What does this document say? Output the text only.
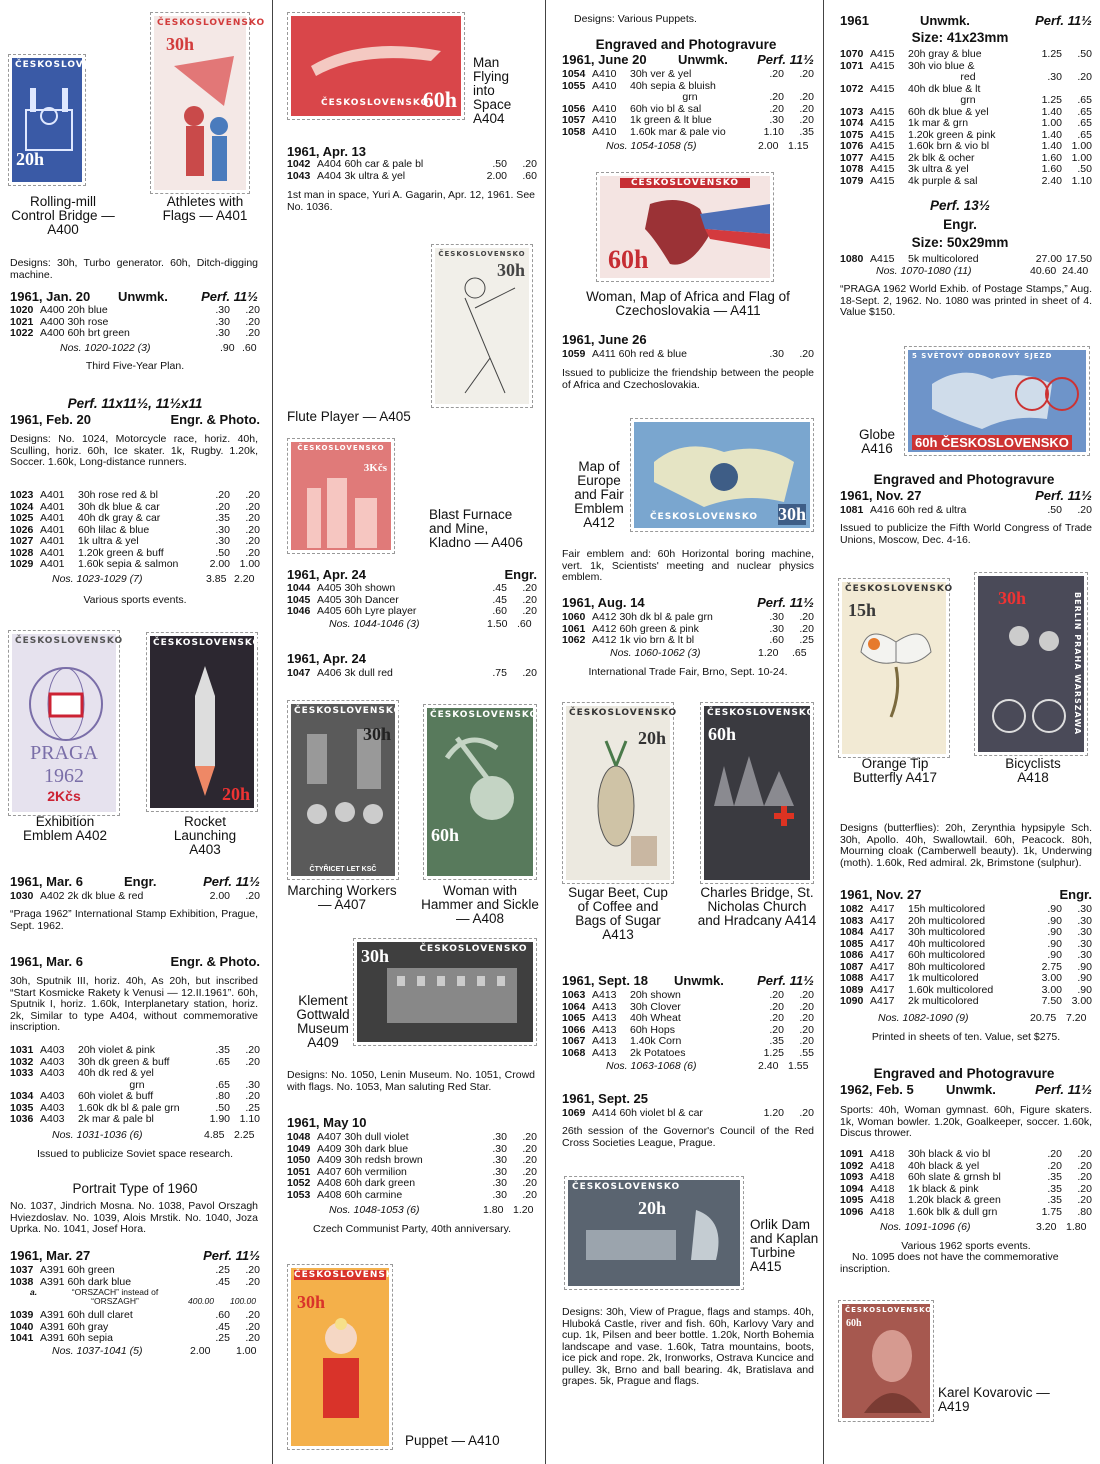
ČESKOSLOVENSKO
20h
ČESKOSLOVENSKO
30h
Rolling-mill Control Bridge — A400
Athletes with Flags — A401
Designs: 30h, Turbo generator. 60h, Ditch-digging machine.
1961, Jan. 20 Unwmk.	Perf. 11½
1020	A400 20h blue	.30	.20
1021	A400 30h rose	.30	.20
1022	A400 60h brt green	.30	.20
Nos. 1020-1022 (3)	.90 .60
Third Five-Year Plan.
Perf. 11x11½, 11½x11
1961, Feb. 20	Engr. & Photo.
Designs: No. 1024, Motorcycle race, horiz. 40h, Sculling, horiz. 60h, Ice skater. 1k, Rugby. 1.20k, Soccer. 1.60k, Long-distance runners.
1023	A401	30h rose red & bl	.20	.20
1024	A401	30h dk blue & car	.20	.20
1025	A401	40h dk gray & car	.35	.20
1026	A401	60h lilac & blue	.30	.20
1027	A401	1k ultra & yel	.30	.20
1028	A401	1.20k green & buff	.50	.20
1029	A401	1.60k sepia & salmon	2.00	1.00
Nos. 1023-1029 (7)	3.85 2.20
Various sports events.
ČESKOSLOVENSKO
PRAGA 1962
2Kčs
ČESKOSLOVENSKO
20h
Exhibition Emblem A402
Rocket Launching A403
1961, Mar. 6	Engr.	Perf. 11½
1030	A402 2k dk blue & red	2.00	.20
“Praga 1962” International Stamp Exhibition, Prague, Sept. 1962.
1961, Mar. 6	Engr. & Photo.
30h, Sputnik III, horiz. 40h, As 20h, but inscribed “Start Kosmicke Rakety k Venusi — 12.II.1961”. 60h, Sputnik I, horiz. 1.60k, Interplanetary station, horiz. 2k, Similar to type A404, without commemorative inscription.
1031	A403	20h violet & pink	.35	.20
1032	A403	30h dk green & buff	.65	.20
1033	A403	40h dk red & yel		
		grn	.65	.30
1034	A403	60h violet & buff	.80	.20
1035	A403	1.60k dk bl & pale grn	.50	.25
1036	A403	2k mar & pale bl	1.90	1.10
Nos. 1031-1036 (6)	4.85 2.25
Issued to publicize Soviet space research.
Portrait Type of 1960
No. 1037, Jindrich Mosna. No. 1038, Pavol Orszagh Hviezdoslav. No. 1039, Alois Mrstik. No. 1040, Joza Uprka. No. 1041, Josef Hora.
1961, Mar. 27	Perf. 11½
1037	A391 60h green	.25	.20
1038	A391 60h dark blue	.45	.20
a.	“ORSZACH” instead of
“ORSZAGH”	400.00 100.00
1039	A391 60h dull claret	.60	.20
1040	A391 60h gray	.45	.20
1041	A391 60h sepia	.25	.20
Nos. 1037-1041 (5)	2.00 1.00
ČESKOSLOVENSKO
60h
Man Flying into Space A404
1961, Apr. 13
1042	A404 60h car & pale bl	.50	.20
1043	A404 3k ultra & yel	2.00	.60
1st man in space, Yuri A. Gagarin, Apr. 12, 1961. See No. 1036.
ČESKOSLOVENSKO
30h
Flute Player — A405
ČESKOSLOVENSKO
3Kčs
Blast Furnace and Mine, Kladno — A406
1961, Apr. 24	Engr.
1044	A405 30h shown	.45	.20
1045	A405 30h Dancer	.45	.20
1046	A405 60h Lyre player	.60	.20
Nos. 1044-1046 (3)	1.50 .60
1961, Apr. 24
1047	A406 3k dull red	.75	.20
ČESKOSLOVENSKO
30h
ČTYŘICET LET KSČ
ČESKOSLOVENSKO
60h
Marching Workers — A407
Woman with Hammer and Sickle — A408
ČESKOSLOVENSKO
30h
Klement Gottwald Museum A409
Designs: No. 1050, Lenin Museum. No. 1051, Crowd with flags. No. 1053, Man saluting Red Star.
1961, May 10
1048	A407 30h dull violet	.30	.20
1049	A409 30h dark blue	.30	.20
1050	A409 30h redsh brown	.30	.20
1051	A407 60h vermilion	.30	.20
1052	A408 60h dark green	.30	.20
1053	A408 60h carmine	.30	.20
Nos. 1048-1053 (6)	1.80 1.20
Czech Communist Party, 40th anniversary.
ČESKOSLOVENSKO
30h
Puppet — A410
Designs: Various Puppets.
Engraved and Photogravure
1961, June 20 Unwmk. Perf. 11½
1054	A410	30h ver & yel	.20	.20
1055	A410	40h sepia & bluish		
		grn	.20	.20
1056	A410	60h vio bl & sal	.20	.20
1057	A410	1k green & lt blue	.30	.20
1058	A410	1.60k mar & pale vio	1.10	.35
Nos. 1054-1058 (5)	2.00 1.15
ČESKOSLOVENSKO
60h
Woman, Map of Africa and Flag of Czechoslovakia — A411
1961, June 26
1059	A411 60h red & blue	.30	.20
Issued to publicize the friendship between the people of Africa and Czechoslovakia.
ČESKOSLOVENSKO	30h
Map of Europe and Fair Emblem A412
Fair emblem and: 60h Horizontal boring machine, vert. 1k, Scientists' meeting and nuclear physics emblem.
1961, Aug. 14	Perf. 11½
1060	A412 30h dk bl & pale grn	.30	.20
1061	A412 60h green & pink	.30	.20
1062	A412 1k vio brn & lt bl	.60	.25
Nos. 1060-1062 (3)	1.20 .65
International Trade Fair, Brno, Sept. 10-24.
ČESKOSLOVENSKO
20h
ČESKOSLOVENSKO
60h
Sugar Beet, Cup of Coffee and Bags of Sugar A413
Charles Bridge, St. Nicholas Church and Hradcany A414
1961, Sept. 18 Unwmk.	Perf. 11½
1063	A413	20h shown	.20	.20
1064	A413	30h Clover	.20	.20
1065	A413	40h Wheat	.20	.20
1066	A413	60h Hops	.20	.20
1067	A413	1.40k Corn	.35	.20
1068	A413	2k Potatoes	1.25	.55
Nos. 1063-1068 (6)	2.40 1.55
1961, Sept. 25
1069	A414 60h violet bl & car	1.20	.20
26th session of the Governor's Council of the Red Cross Societies League, Prague.
ČESKOSLOVENSKO
20h
Orlik Dam and Kaplan Turbine A415
Designs: 30h, View of Prague, flags and stamps. 40h, Hluboká Castle, river and fish. 60h, Karlovy Vary and cup. 1k, Pilsen and beer bottle. 1.20k, North Bohemia landscape and vase. 1.60k, Tatra mountains, boots, ice pick and rope. 2k, Ironworks, Ostrava Kuncice and pulley. 3k, Brno and ball bearing. 4k, Bratislava and grapes. 5k, Prague and flags.
1961	Unwmk.	Perf. 11½
Size: 41x23mm
1070	A415	20h gray & blue	1.25	.50
1071	A415	30h vio blue &		
		red	.30	.20
1072	A415	40h dk blue & lt		
		grn	1.25	.65
1073	A415	60h dk blue & yel	1.40	.65
1074	A415	1k mar & grn	1.00	.65
1075	A415	1.20k green & pink	1.40	.65
1076	A415	1.60k brn & vio bl	1.40	1.00
1077	A415	2k blk & ocher	1.60	1.00
1078	A415	3k ultra & yel	1.60	.50
1079	A415	4k purple & sal	2.40	1.10
Perf. 13½
Engr.
Size: 50x29mm
1080	A415	5k multicolored	27.00	17.50
Nos. 1070-1080 (11)	40.60 24.40
“PRAGA 1962 World Exhib. of Postage Stamps,” Aug. 18-Sept. 2, 1962. No. 1080 was printed in sheet of 4. Value $150.
5 SVĚTOVÝ ODBOROVÝ SJEZD
60h ČESKOSLOVENSKO
Globe A416
Engraved and Photogravure
1961, Nov. 27	Perf. 11½
1081	A416 60h red & ultra	.50	.20
Issued to publicize the Fifth World Congress of Trade Unions, Moscow, Dec. 4-16.
ČESKOSLOVENSKO
15h	BERLIN PRAHA WARSZAWA
30h
Orange Tip Butterfly A417
Bicyclists A418
Designs (butterflies): 20h, Zerynthia hypsipyle Sch. 30h, Apollo. 40h, Swallowtail. 60h, Peacock. 80h, Mourning cloak (Camberwell beauty). 1k, Underwing (moth). 1.60k, Red admiral. 2k, Brimstone (sulphur).
1961, Nov. 27	Engr.
1082	A417	15h multicolored	.90	.30
1083	A417	20h multicolored	.90	.30
1084	A417	30h multicolored	.90	.30
1085	A417	40h multicolored	.90	.30
1086	A417	60h multicolored	.90	.30
1087	A417	80h multicolored	2.75	.90
1088	A417	1k multicolored	3.00	.90
1089	A417	1.60k multicolored	3.00	.90
1090	A417	2k multicolored	7.50	3.00
Nos. 1082-1090 (9)	20.75 7.20
Printed in sheets of ten. Value, set $275.
Engraved and Photogravure
1962, Feb. 5 Unwmk.	Perf. 11½
Sports: 40h, Woman gymnast. 60h, Figure skaters. 1k, Woman bowler. 1.20k, Goalkeeper, soccer. 1.60k, Discus thrower.
1091	A418	30h black & vio bl	.20	.20
1092	A418	40h black & yel	.20	.20
1093	A418	60h slate & grnsh bl	.35	.20
1094	A418	1k black & pink	.35	.20
1095	A418	1.20k black & green	.35	.20
1096	A418	1.60k blk & dull grn	1.75	.80
Nos. 1091-1096 (6)	3.20 1.80
Various 1962 sports events.
No. 1095 does not have the commemorative inscription.
ČESKOSLOVENSKO
60h
Karel Kovarovic — A419
